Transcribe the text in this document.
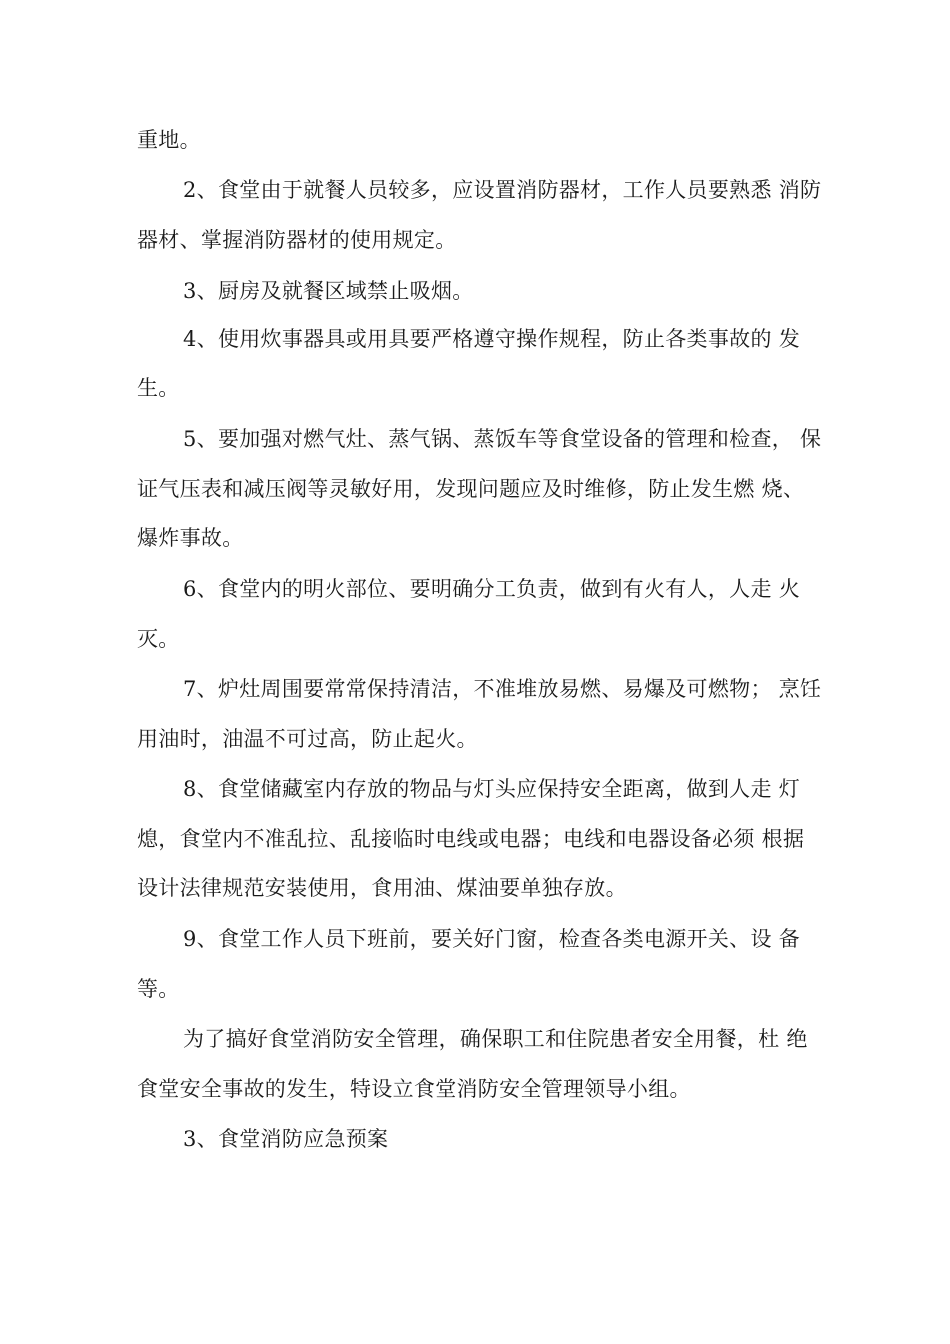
重地。
2、食堂由于就餐人员较多，应设置消防器材，工作人员要熟悉 消防
器材、掌握消防器材的使用规定。
3、厨房及就餐区域禁止吸烟。
4、使用炊事器具或用具要严格遵守操作规程，防止各类事故的 发
生。
5、要加强对燃气灶、蒸气锅、蒸饭车等食堂设备的管理和检查， 保
证气压表和减压阀等灵敏好用，发现问题应及时维修，防止发生燃 烧、
爆炸事故。
6、食堂内的明火部位、要明确分工负责，做到有火有人，人走 火
灭。
7、炉灶周围要常常保持清洁，不准堆放易燃、易爆及可燃物； 烹饪
用油时，油温不可过高，防止起火。
8、食堂储藏室内存放的物品与灯头应保持安全距离，做到人走 灯
熄，食堂内不准乱拉、乱接临时电线或电器；电线和电器设备必须 根据
设计法律规范安装使用，食用油、煤油要单独存放。
9、食堂工作人员下班前，要关好门窗，检查各类电源开关、设 备
等。
为了搞好食堂消防安全管理，确保职工和住院患者安全用餐，杜 绝
食堂安全事故的发生，特设立食堂消防安全管理领导小组。
3、食堂消防应急预案
